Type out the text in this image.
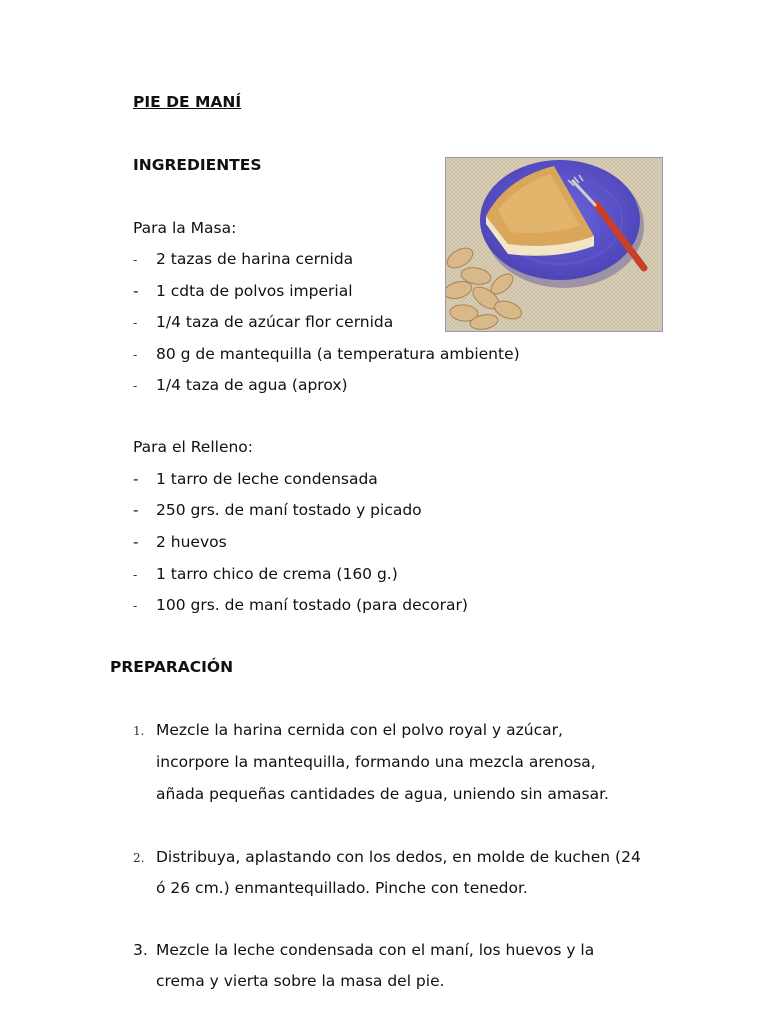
PIE DE MANÍ
INGREDIENTES
Para la Masa:
- 2 tazas de harina cernida
- 1 cdta de polvos imperial
- 1/4 taza de azúcar flor cernida
- 80 g de mantequilla (a temperatura ambiente)
- 1/4 taza de agua (aprox)
Para el Relleno:
- 1 tarro de leche condensada
- 250 grs. de maní tostado y picado
- 2 huevos
- 1 tarro chico de crema (160 g.)
- 100 grs. de maní tostado (para decorar)
PREPARACIÓN
1. Mezcle la harina cernida con el polvo royal y azúcar,
incorpore la mantequilla, formando una mezcla arenosa,
añada pequeñas cantidades de agua, uniendo sin amasar.
2. Distribuya, aplastando con los dedos, en molde de kuchen (24
ó 26 cm.) enmantequillado. Pinche con tenedor.
3. Mezcle la leche condensada con el maní, los huevos y la
crema y vierta sobre la masa del pie.
